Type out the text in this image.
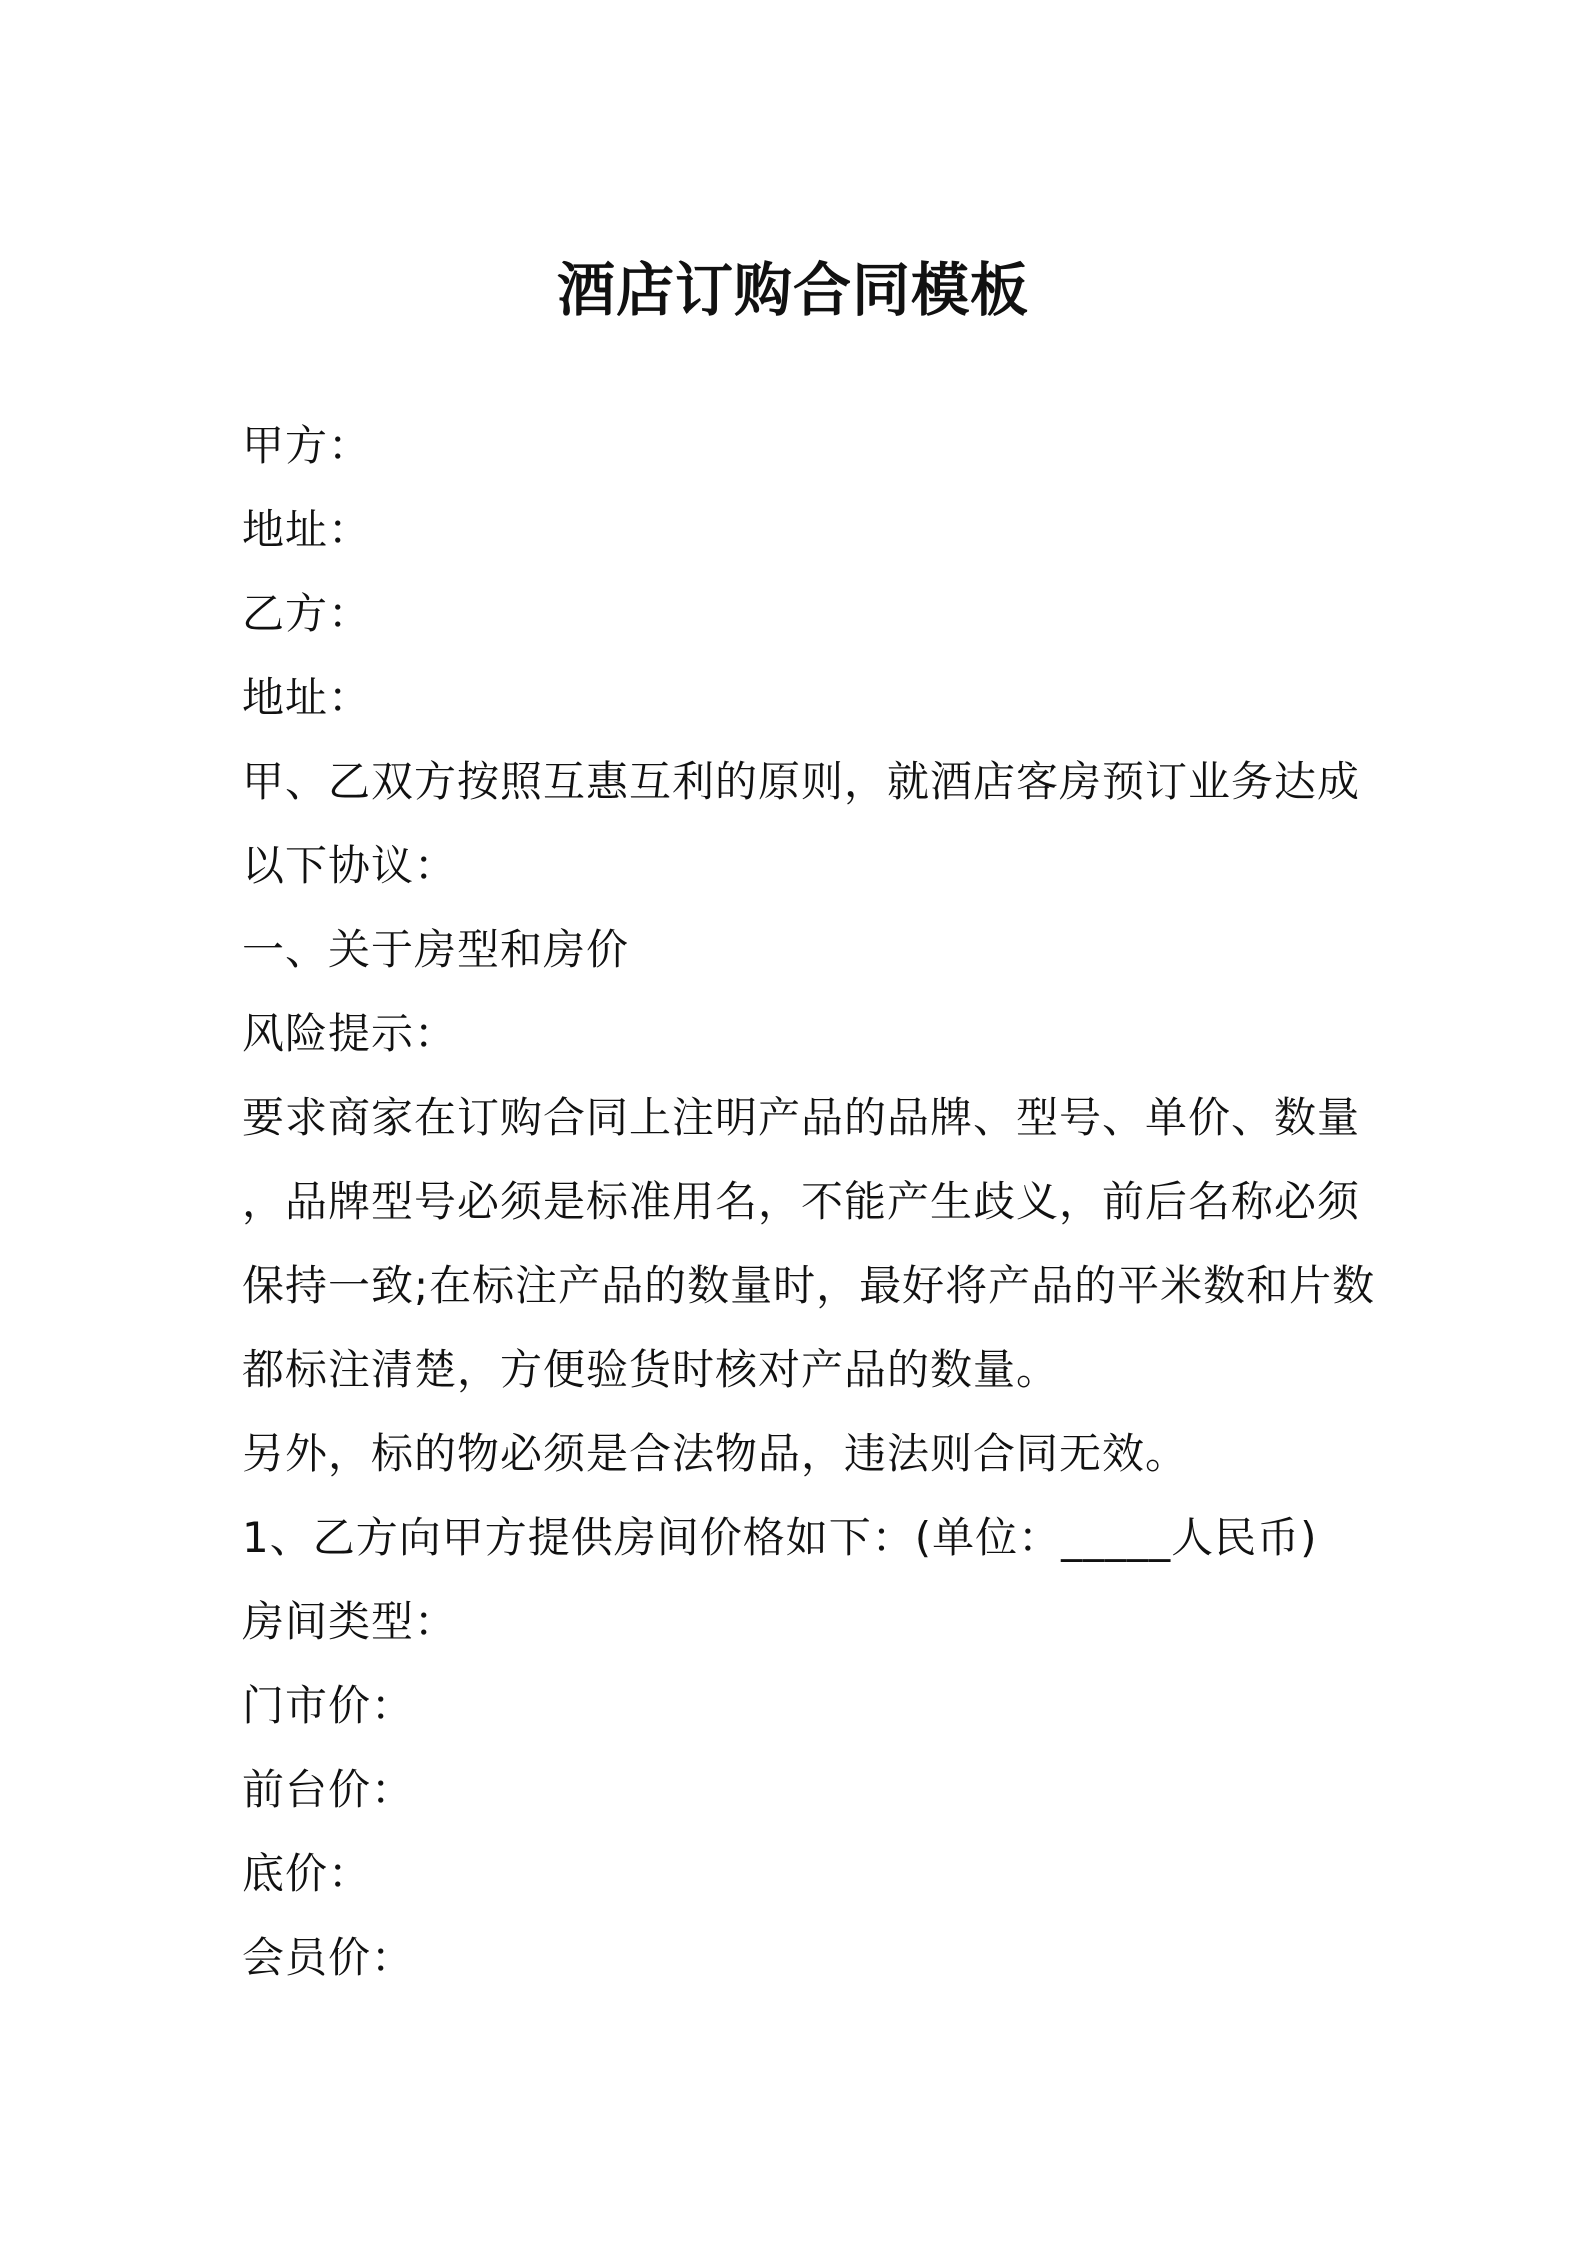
酒店订购合同模板
甲方：
地址：
乙方：
地址：
甲、乙双方按照互惠互利的原则，就酒店客房预订业务达成
以下协议：
一、关于房型和房价
风险提示：
要求商家在订购合同上注明产品的品牌、型号、单价、数量
，品牌型号必须是标准用名，不能产生歧义，前后名称必须
保持一致;在标注产品的数量时，最好将产品的平米数和片数
都标注清楚，方便验货时核对产品的数量。
另外，标的物必须是合法物品，违法则合同无效。
1、乙方向甲方提供房间价格如下：(单位：_____人民币)
房间类型：
门市价：
前台价：
底价：
会员价：
